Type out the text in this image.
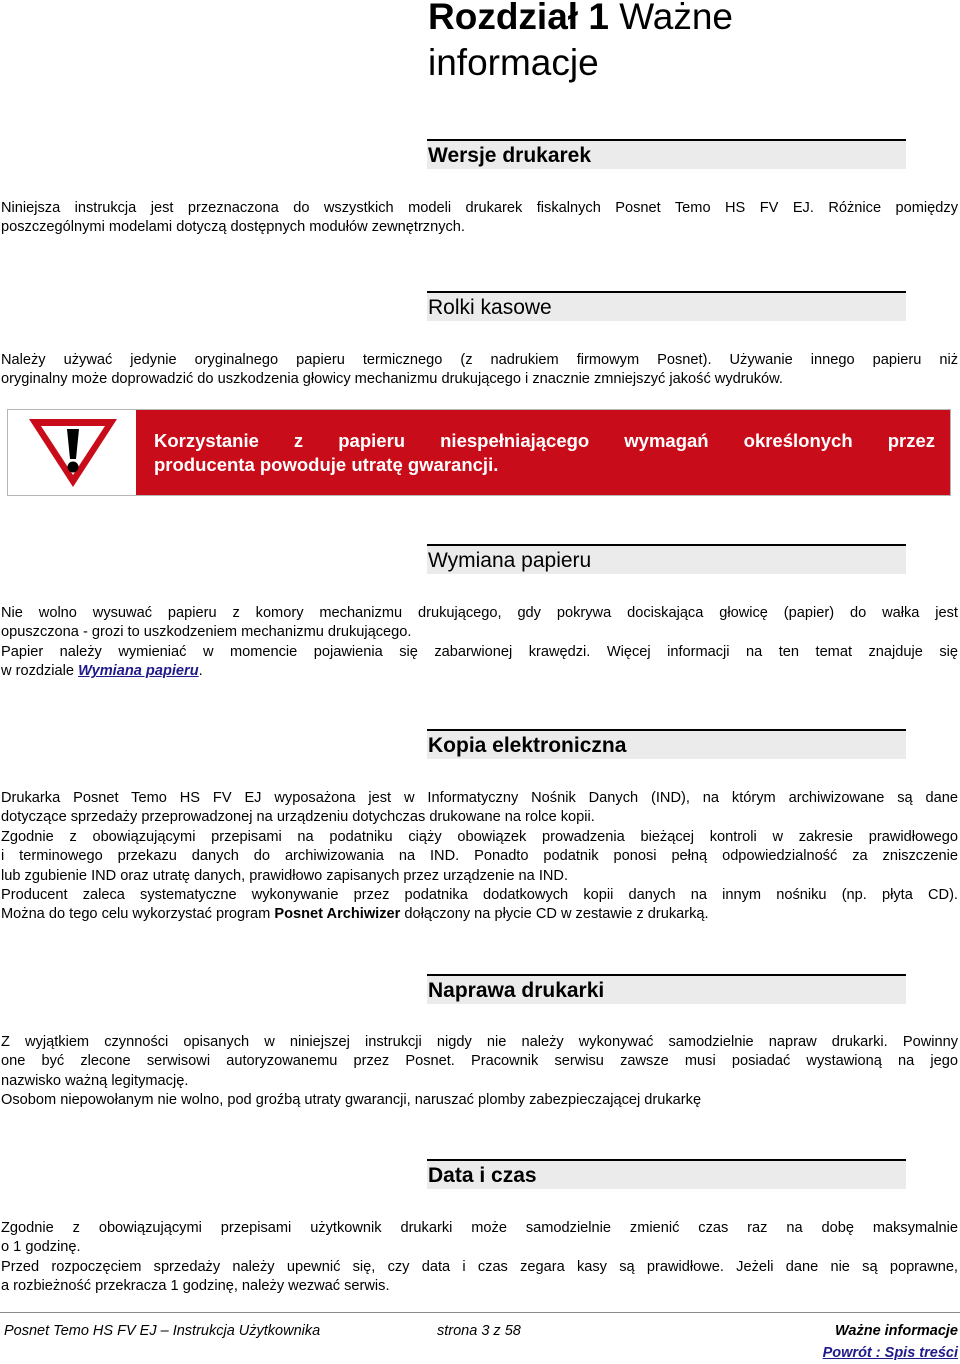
Rozdział 1 Ważne
informacje
Wersje drukarek
Niniejsza instrukcja jest przeznaczona do wszystkich modeli drukarek fiskalnych Posnet Temo HS FV EJ. Różnice pomiędzy
poszczególnymi modelami dotyczą dostępnych modułów zewnętrznych.
Rolki kasowe
Należy używać jedynie oryginalnego papieru termicznego (z nadrukiem firmowym Posnet). Używanie innego papieru niż
oryginalny może doprowadzić do uszkodzenia głowicy mechanizmu drukującego i znacznie zmniejszyć jakość wydruków.
Korzystanie z papieru niespełniającego wymagań określonych przez
producenta powoduje utratę gwarancji.
Wymiana papieru
Nie wolno wysuwać papieru z komory mechanizmu drukującego, gdy pokrywa dociskająca głowicę (papier) do wałka jest
opuszczona - grozi to uszkodzeniem mechanizmu drukującego.
Papier należy wymieniać w momencie pojawienia się zabarwionej krawędzi. Więcej informacji na ten temat znajduje się
w rozdziale Wymiana papieru.
Kopia elektroniczna
Drukarka Posnet Temo HS FV EJ wyposażona jest w Informatyczny Nośnik Danych (IND), na którym archiwizowane są dane
dotyczące sprzedaży przeprowadzonej na urządzeniu dotychczas drukowane na rolce kopii.
Zgodnie z obowiązującymi przepisami na podatniku ciąży obowiązek prowadzenia bieżącej kontroli w zakresie prawidłowego
i terminowego przekazu danych do archiwizowania na IND. Ponadto podatnik ponosi pełną odpowiedzialność za zniszczenie
lub zgubienie IND oraz utratę danych, prawidłowo zapisanych przez urządzenie na IND.
Producent zaleca systematyczne wykonywanie przez podatnika dodatkowych kopii danych na innym nośniku (np. płyta CD).
Można do tego celu wykorzystać program Posnet Archiwizer dołączony na płycie CD w zestawie z drukarką.
Naprawa drukarki
Z wyjątkiem czynności opisanych w niniejszej instrukcji nigdy nie należy wykonywać samodzielnie napraw drukarki. Powinny
one być zlecone serwisowi autoryzowanemu przez Posnet. Pracownik serwisu zawsze musi posiadać wystawioną na jego
nazwisko ważną legitymację.
Osobom niepowołanym nie wolno, pod groźbą utraty gwarancji, naruszać plomby zabezpieczającej drukarkę
Data i czas
Zgodnie z obowiązującymi przepisami użytkownik drukarki może samodzielnie zmienić czas raz na dobę maksymalnie
o 1 godzinę.
Przed rozpoczęciem sprzedaży należy upewnić się, czy data i czas zegara kasy są prawidłowe. Jeżeli dane nie są poprawne,
a rozbieżność przekracza 1 godzinę, należy wezwać serwis.
Posnet Temo HS FV EJ – Instrukcja Użytkownika	strona 3 z 58	Ważne informacje
Powrót : Spis treści
